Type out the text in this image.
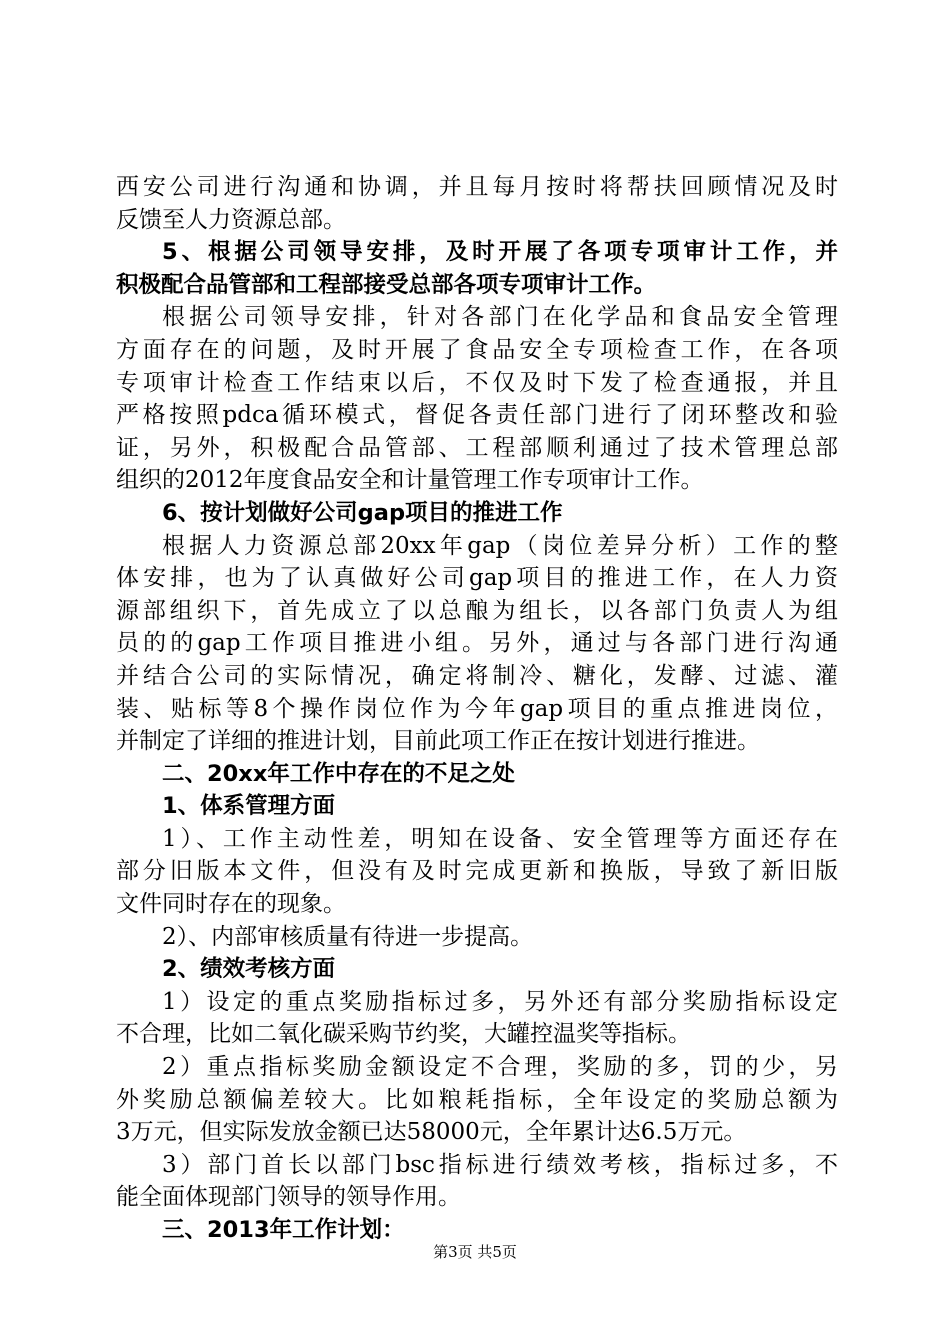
西安公司进行沟通和协调，并且每月按时将帮扶回顾情况及时
反馈至人力资源总部。
5、根据公司领导安排，及时开展了各项专项审计工作，并
积极配合品管部和工程部接受总部各项专项审计工作。
根据公司领导安排，针对各部门在化学品和食品安全管理
方面存在的问题，及时开展了食品安全专项检查工作，在各项
专项审计检查工作结束以后，不仅及时下发了检查通报，并且
严格按照pdca循环模式，督促各责任部门进行了闭环整改和验
证，另外，积极配合品管部、工程部顺利通过了技术管理总部
组织的2012年度食品安全和计量管理工作专项审计工作。
6、按计划做好公司gap项目的推进工作
根据人力资源总部20xx年gap（岗位差异分析）工作的整
体安排，也为了认真做好公司gap项目的推进工作，在人力资
源部组织下，首先成立了以总酿为组长，以各部门负责人为组
员的的gap工作项目推进小组。另外，通过与各部门进行沟通
并结合公司的实际情况，确定将制冷、糖化，发酵、过滤、灌
装、贴标等8个操作岗位作为今年gap项目的重点推进岗位，
并制定了详细的推进计划，目前此项工作正在按计划进行推进。
二、20xx年工作中存在的不足之处
1、体系管理方面
1）、工作主动性差，明知在设备、安全管理等方面还存在
部分旧版本文件，但没有及时完成更新和换版，导致了新旧版
文件同时存在的现象。
2）、内部审核质量有待进一步提高。
2、绩效考核方面
1）设定的重点奖励指标过多，另外还有部分奖励指标设定
不合理，比如二氧化碳采购节约奖，大罐控温奖等指标。
2）重点指标奖励金额设定不合理，奖励的多，罚的少，另
外奖励总额偏差较大。比如粮耗指标，全年设定的奖励总额为
3万元，但实际发放金额已达58000元，全年累计达6.5万元。
3）部门首长以部门bsc指标进行绩效考核，指标过多，不
能全面体现部门领导的领导作用。
三、2013年工作计划：
第3页 共5页
